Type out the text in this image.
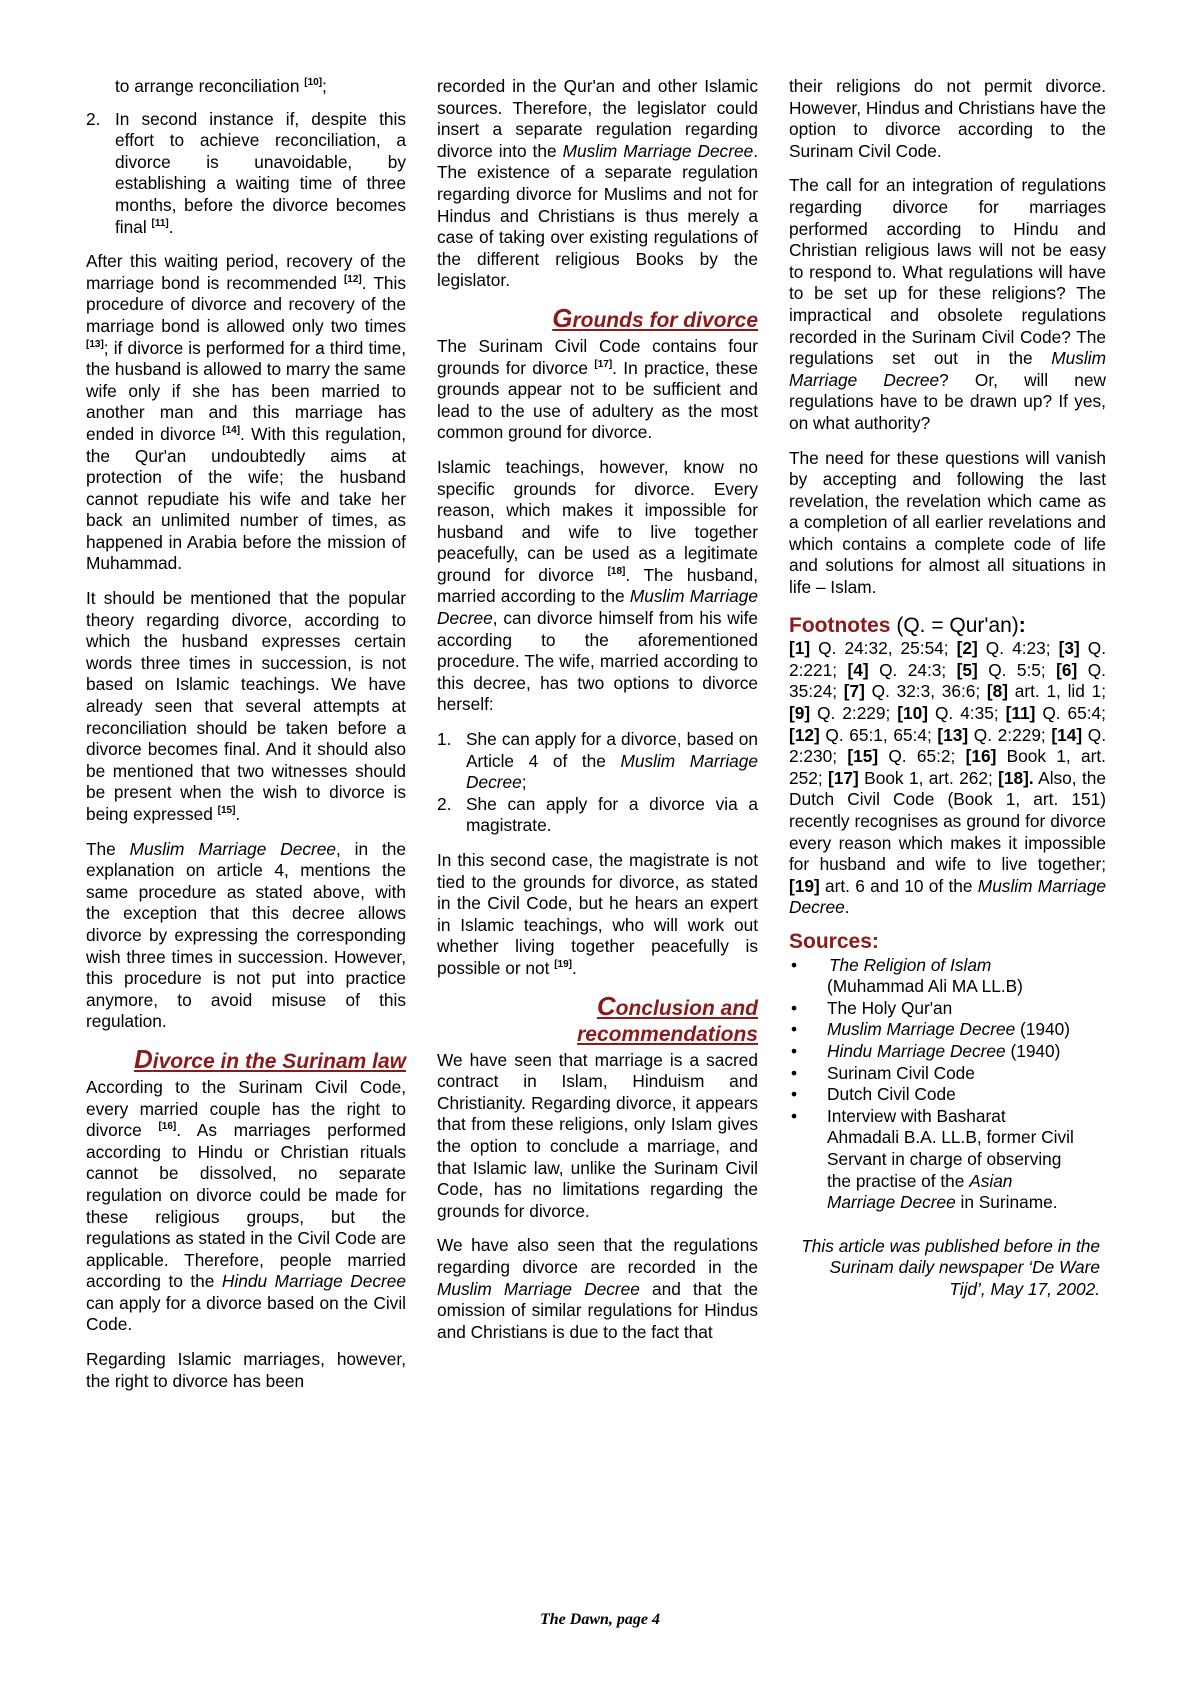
to arrange reconciliation [10];
2. In second instance if, despite this effort to achieve reconciliation, a divorce is unavoidable, by establishing a waiting time of three months, before the divorce becomes final [11].

After this waiting period, recovery of the marriage bond is recommended [12]. This procedure of divorce and recovery of the marriage bond is allowed only two times [13]; if divorce is performed for a third time, the husband is allowed to marry the same wife only if she has been married to another man and this marriage has ended in divorce [14]. With this regulation, the Qur'an undoubtedly aims at protection of the wife; the husband cannot repudiate his wife and take her back an unlimited number of times, as happened in Arabia before the mission of Muhammad.

It should be mentioned that the popular theory regarding divorce, according to which the husband expresses certain words three times in succession, is not based on Islamic teachings. We have already seen that several attempts at reconciliation should be taken before a divorce becomes final. And it should also be mentioned that two witnesses should be present when the wish to divorce is being expressed [15].

The Muslim Marriage Decree, in the explanation on article 4, mentions the same procedure as stated above, with the exception that this decree allows divorce by expressing the corresponding wish three times in succession. However, this procedure is not put into practice anymore, to avoid misuse of this regulation.

Divorce in the Surinam law

According to the Surinam Civil Code, every married couple has the right to divorce [16]. As marriages performed according to Hindu or Christian rituals cannot be dissolved, no separate regulation on divorce could be made for these religious groups, but the regulations as stated in the Civil Code are applicable. Therefore, people married according to the Hindu Marriage Decree can apply for a divorce based on the Civil Code.

Regarding Islamic marriages, however, the right to divorce has been

recorded in the Qur'an and other Islamic sources. Therefore, the legislator could insert a separate regulation regarding divorce into the Muslim Marriage Decree. The existence of a separate regulation regarding divorce for Muslims and not for Hindus and Christians is thus merely a case of taking over existing regulations of the different religious Books by the legislator.

Grounds for divorce

The Surinam Civil Code contains four grounds for divorce [17]. In practice, these grounds appear not to be sufficient and lead to the use of adultery as the most common ground for divorce.

Islamic teachings, however, know no specific grounds for divorce. Every reason, which makes it impossible for husband and wife to live together peacefully, can be used as a legitimate ground for divorce [18]. The husband, married according to the Muslim Marriage Decree, can divorce himself from his wife according to the aforementioned procedure. The wife, married according to this decree, has two options to divorce herself:

1. She can apply for a divorce, based on Article 4 of the Muslim Marriage Decree;
2. She can apply for a divorce via a magistrate.

In this second case, the magistrate is not tied to the grounds for divorce, as stated in the Civil Code, but he hears an expert in Islamic teachings, who will work out whether living together peacefully is possible or not [19].

Conclusion and recommendations

We have seen that marriage is a sacred contract in Islam, Hinduism and Christianity. Regarding divorce, it appears that from these religions, only Islam gives the option to conclude a marriage, and that Islamic law, unlike the Surinam Civil Code, has no limitations regarding the grounds for divorce.

We have also seen that the regulations regarding divorce are recorded in the Muslim Marriage Decree and that the omission of similar regulations for Hindus and Christians is due to the fact that

their religions do not permit divorce. However, Hindus and Christians have the option to divorce according to the Surinam Civil Code.

The call for an integration of regulations regarding divorce for marriages performed according to Hindu and Christian religious laws will not be easy to respond to. What regulations will have to be set up for these religions? The impractical and obsolete regulations recorded in the Surinam Civil Code? The regulations set out in the Muslim Marriage Decree? Or, will new regulations have to be drawn up? If yes, on what authority?

The need for these questions will vanish by accepting and following the last revelation, the revelation which came as a completion of all earlier revelations and which contains a complete code of life and solutions for almost all situations in life – Islam.

Footnotes (Q. = Qur'an):
[1] Q. 24:32, 25:54; [2] Q. 4:23; [3] Q. 2:221; [4] Q. 24:3; [5] Q. 5:5; [6] Q. 35:24; [7] Q. 32:3, 36:6; [8] art. 1, lid 1; [9] Q. 2:229; [10] Q. 4:35; [11] Q. 65:4; [12] Q. 65:1, 65:4; [13] Q. 2:229; [14] Q. 2:230; [15] Q. 65:2; [16] Book 1, art. 252; [17] Book 1, art. 262; [18]. Also, the Dutch Civil Code (Book 1, art. 151) recently recognises as ground for divorce every reason which makes it impossible for husband and wife to live together; [19] art. 6 and 10 of the Muslim Marriage Decree.
Sources:
• The Religion of Islam (Muhammad Ali MA LL.B)
• The Holy Qur'an
• Muslim Marriage Decree (1940)
• Hindu Marriage Decree (1940)
• Surinam Civil Code
• Dutch Civil Code
• Interview with Basharat Ahmadali B.A. LL.B, former Civil Servant in charge of observing the practise of the Asian Marriage Decree in Suriname.
This article was published before in the Surinam daily newspaper ‘De Ware Tijd’, May 17, 2002.
The Dawn, page 4
